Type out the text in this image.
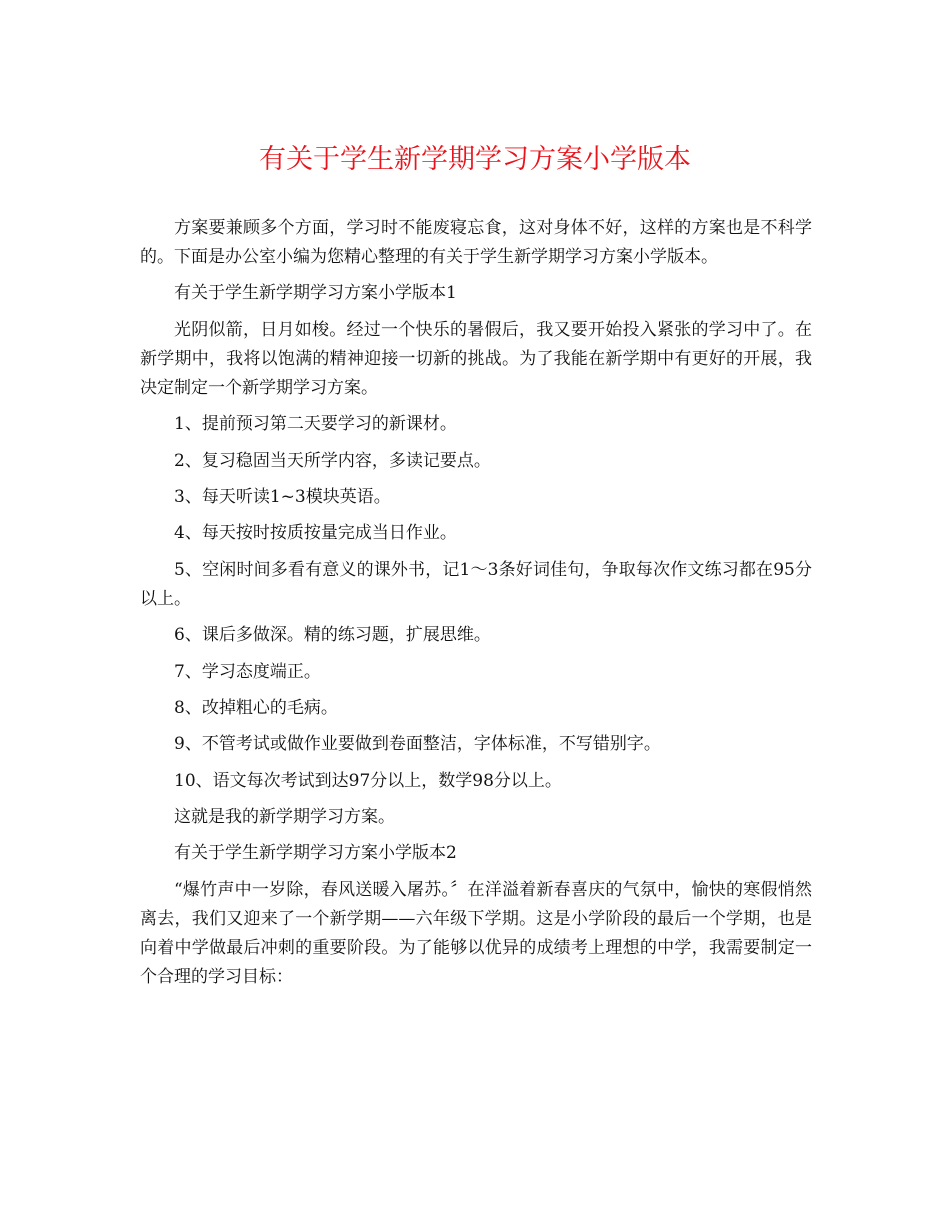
有关于学生新学期学习方案小学版本

方案要兼顾多个方面，学习时不能废寝忘食，这对身体不好，这样的方案也是不科学的。下面是办公室小编为您精心整理的有关于学生新学期学习方案小学版本。

有关于学生新学期学习方案小学版本1

光阴似箭，日月如梭。经过一个快乐的暑假后，我又要开始投入紧张的学习中了。在新学期中，我将以饱满的精神迎接一切新的挑战。为了我能在新学期中有更好的开展，我决定制定一个新学期学习方案。

1、提前预习第二天要学习的新课材。

2、复习稳固当天所学内容，多读记要点。

3、每天听读1~3模块英语。

4、每天按时按质按量完成当日作业。

5、空闲时间多看有意义的课外书，记1～3条好词佳句，争取每次作文练习都在95分以上。

6、课后多做深。精的练习题，扩展思维。

7、学习态度端正。

8、改掉粗心的毛病。

9、不管考试或做作业要做到卷面整洁，字体标准，不写错别字。

10、语文每次考试到达97分以上，数学98分以上。

这就是我的新学期学习方案。

有关于学生新学期学习方案小学版本2

“爆竹声中一岁除，春风送暖入屠苏。〞在洋溢着新春喜庆的气氛中，愉快的寒假悄然离去，我们又迎来了一个新学期——六年级下学期。这是小学阶段的最后一个学期，也是向着中学做最后冲刺的重要阶段。为了能够以优异的成绩考上理想的中学，我需要制定一个合理的学习目标：
